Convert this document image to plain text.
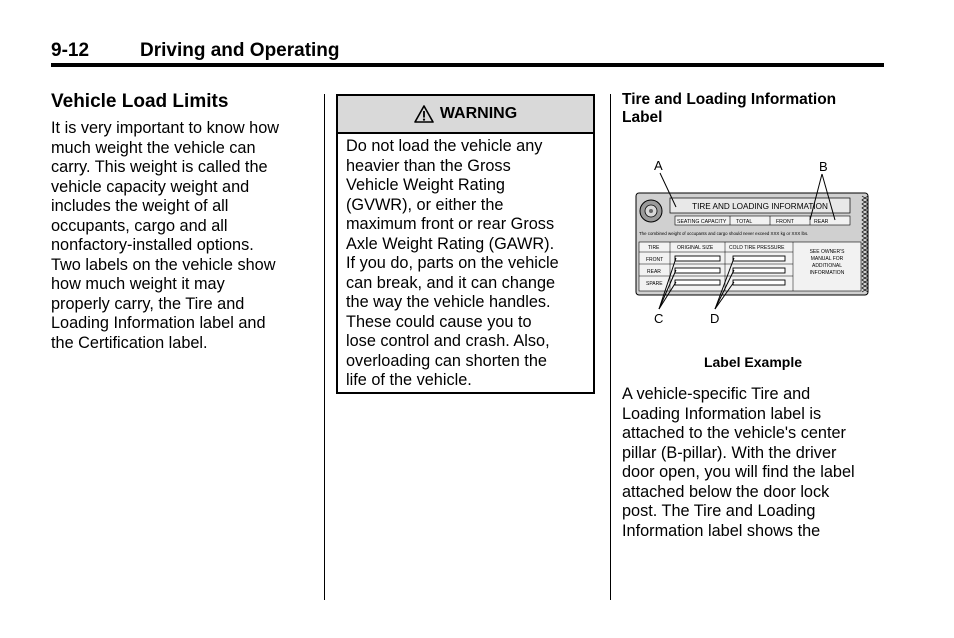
9-12	Driving and Operating
Vehicle Load Limits
It is very important to know how
much weight the vehicle can
carry. This weight is called the
vehicle capacity weight and
includes the weight of all
occupants, cargo and all
nonfactory-installed options.
Two labels on the vehicle show
how much weight it may
properly carry, the Tire and
Loading Information label and
the Certification label.
WARNING
Do not load the vehicle any
heavier than the Gross
Vehicle Weight Rating
(GVWR), or either the
maximum front or rear Gross
Axle Weight Rating (GAWR).
If you do, parts on the vehicle
can break, and it can change
the way the vehicle handles.
These could cause you to
lose control and crash. Also,
overloading can shorten the
life of the vehicle.
Tire and Loading Information
Label
A	B
C	D
TIRE AND LOADING INFORMATION
SEATING CAPACITY TOTAL	FRONT	REAR
The combined weight of occupants and cargo should never exceed XXX kg or XXX lbs.
TIRE	ORIGINAL SIZE	COLD TIRE PRESSURE
FRONT
REAR
SPARE
SEE OWNER'S
MANUAL FOR
ADDITIONAL
INFORMATION
Label Example
A vehicle-specific Tire and
Loading Information label is
attached to the vehicle's center
pillar (B-pillar). With the driver
door open, you will find the label
attached below the door lock
post. The Tire and Loading
Information label shows the
